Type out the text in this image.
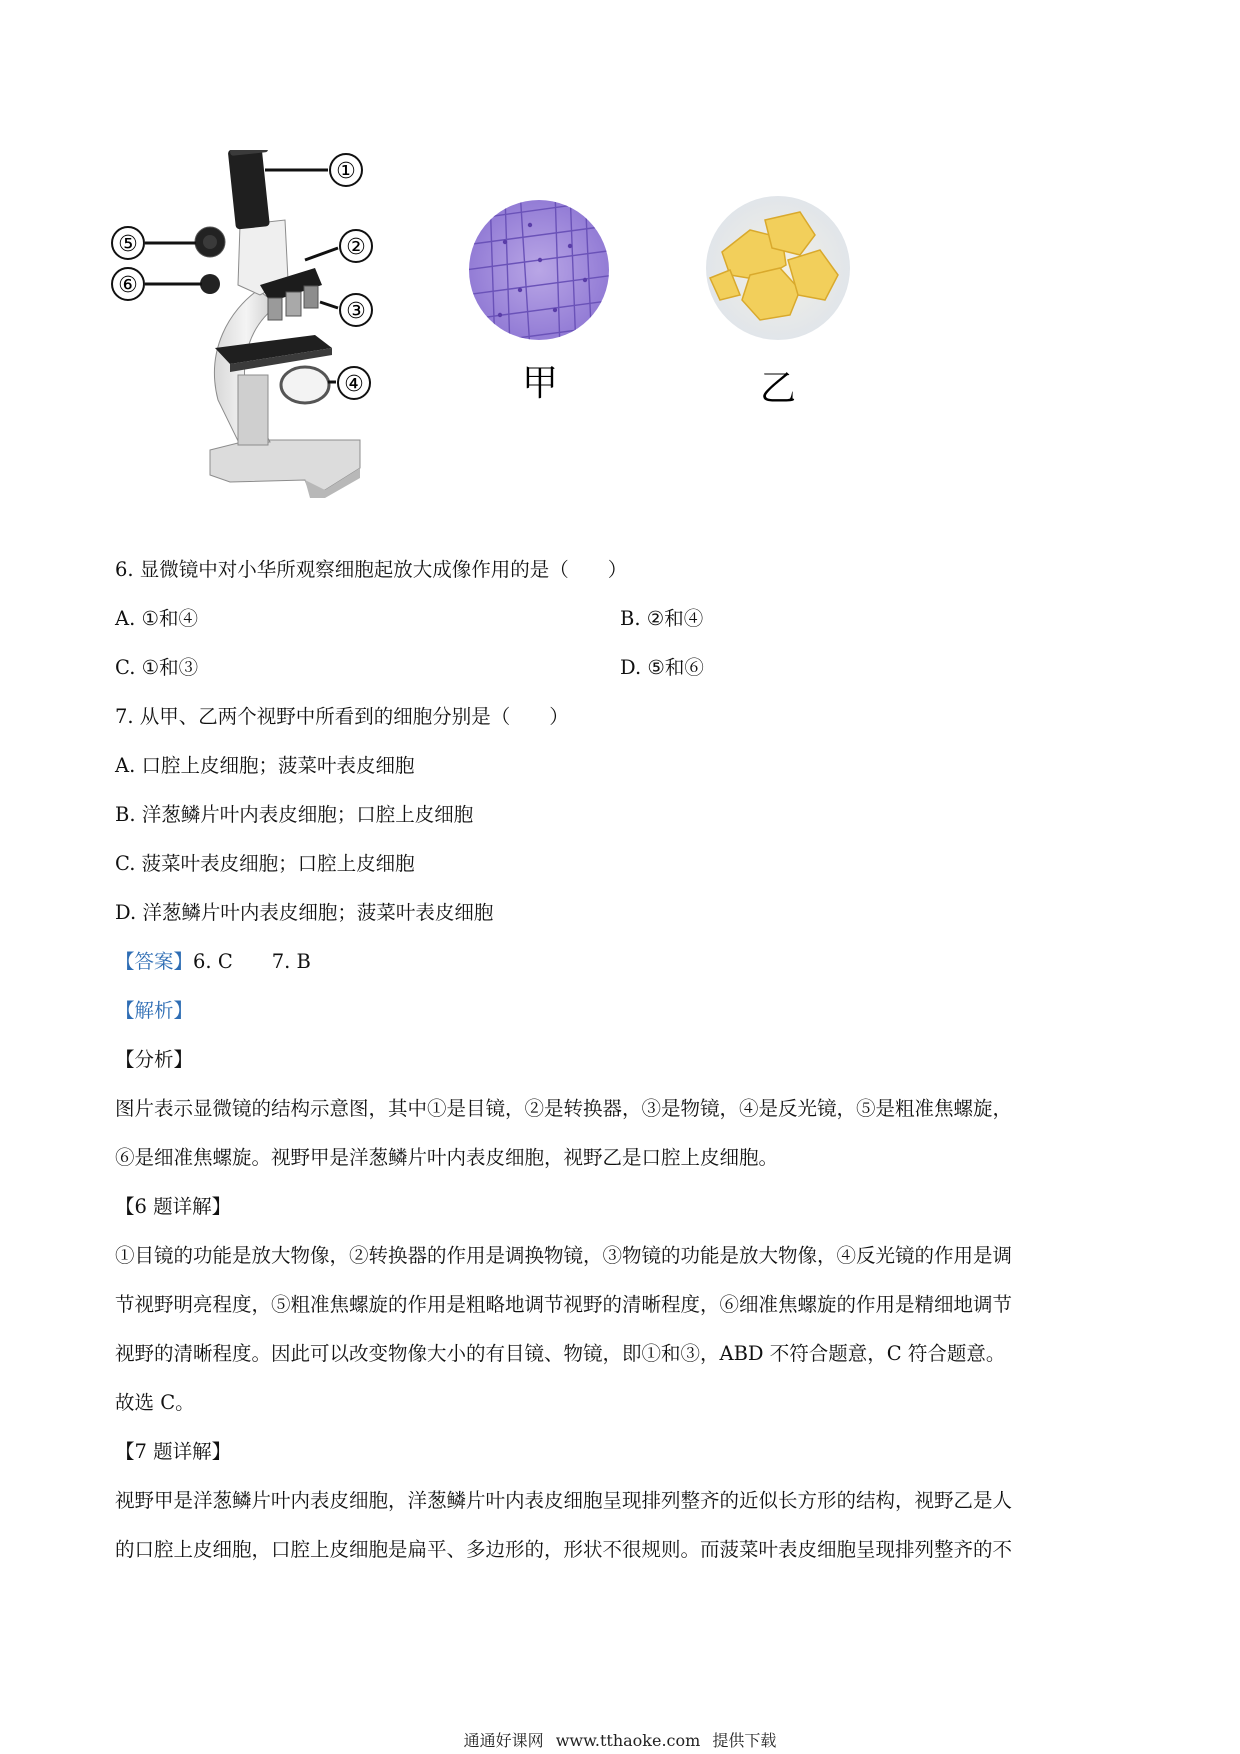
①
②
③
④
⑤
⑥
甲	乙
6. 显微镜中对小华所观察细胞起放大成像作用的是（　　）
A. ①和④	B. ②和④
C. ①和③	D. ⑤和⑥
7. 从甲、乙两个视野中所看到的细胞分别是（　　）
A. 口腔上皮细胞；菠菜叶表皮细胞
B. 洋葱鳞片叶内表皮细胞；口腔上皮细胞
C. 菠菜叶表皮细胞；口腔上皮细胞
D. 洋葱鳞片叶内表皮细胞；菠菜叶表皮细胞
【答案】6. C　　7. B
【解析】
【分析】
图片表示显微镜的结构示意图，其中①是目镜，②是转换器，③是物镜，④是反光镜，⑤是粗准焦螺旋，
⑥是细准焦螺旋。视野甲是洋葱鳞片叶内表皮细胞，视野乙是口腔上皮细胞。
【6 题详解】
①目镜的功能是放大物像，②转换器的作用是调换物镜，③物镜的功能是放大物像，④反光镜的作用是调
节视野明亮程度，⑤粗准焦螺旋的作用是粗略地调节视野的清晰程度，⑥细准焦螺旋的作用是精细地调节
视野的清晰程度。因此可以改变物像大小的有目镜、物镜，即①和③，ABD 不符合题意，C 符合题意。
故选 C。
【7 题详解】
视野甲是洋葱鳞片叶内表皮细胞，洋葱鳞片叶内表皮细胞呈现排列整齐的近似长方形的结构，视野乙是人
的口腔上皮细胞，口腔上皮细胞是扁平、多边形的，形状不很规则。而菠菜叶表皮细胞呈现排列整齐的不
通通好课网 www.tthaoke.com 提供下载
